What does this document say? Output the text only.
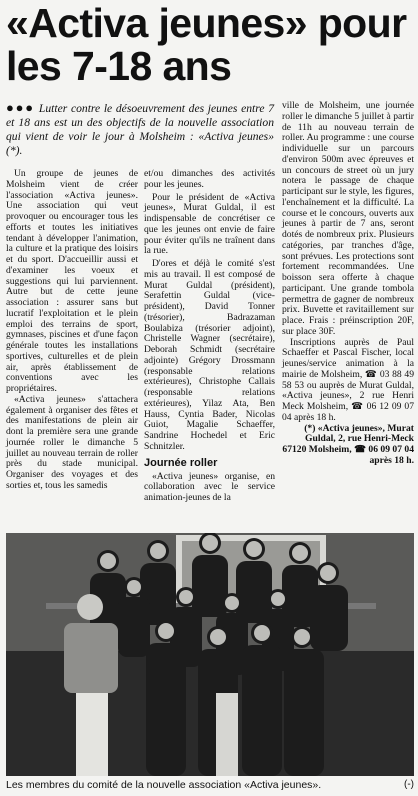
«Activa jeunes» pour les 7-18 ans
●●● Lutter contre le désoeuvrement des jeunes entre 7 et 18 ans est un des objectifs de la nouvelle association qui vient de voir le jour à Molsheim : «Activa jeunes» (*).

Un groupe de jeunes de Molsheim vient de créer l'association «Activa jeunes». Une association qui veut provoquer ou encourager tous les efforts et toutes les initiatives tendant à développer l'animation, la culture et la pratique des loisirs et du sport. D'accueillir aussi et d'examiner les voeux et suggestions qui lui parviennent. Autre but de cette jeune association : assurer sans but lucratif l'exploitation et le plein emploi des terrains de sport, gymnases, piscines et d'une façon générale toutes les installations sportives, culturelles et de plein air, après établissement de conventions avec les propriétaires.

«Activa jeunes» s'attachera également à organiser des fêtes et des manifestations de plein air dont la première sera une grande journée roller le dimanche 5 juillet au nouveau terrain de roller près du stade municipal. Organiser des voyages et des sorties et, tous les samedis

et/ou dimanches des activités pour les jeunes.

Pour le président de «Activa jeunes», Murat Guldal, il est indispensable de concrétiser ce que les jeunes ont envie de faire pour éviter qu'ils ne traînent dans la rue.

D'ores et déjà le comité s'est mis au travail. Il est composé de Murat Guldal (président), Serafettin Guldal (vice-président), David Tonner (trésorier), Badrazaman Boulabiza (trésorier adjoint), Christelle Wagner (secrétaire), Deborah Schmidt (secrétaire adjointe) Grégory Drossmann (responsable relations extérieures), Christophe Callais (responsable relations extérieures), Yilaz Ata, Ben Hauss, Cyntia Bader, Nicolas Guiot, Magalie Schaeffer, Sandrine Hochedel et Eric Schnitzler.

Journée roller

«Activa jeunes» organise, en collaboration avec le service animation-jeunes de la

ville de Molsheim, une journée roller le dimanche 5 juillet à partir de 11h au nouveau terrain de roller. Au programme : une course individuelle sur un parcours d'environ 500m avec épreuves et un concours de street où un jury notera le passage de chaque participant sur le style, les figures, l'enchaînement et la difficulté. La course et le concours, ouverts aux jeunes à partir de 7 ans, seront dotés de nombreux prix. Plusieurs catégories, par tranches d'âge, sont prévues. Les protections sont fortement recommandées. Une boisson sera offerte à chaque participant. Une grande tombola permettra de gagner de nombreux prix. Buvette et ravitaillement sur place. Frais : préinscription 20F, sur place 30F.

Inscriptions auprès de Paul Schaeffer et Pascal Fischer, local jeunes/service animation à la mairie de Molsheim, ☎ 03 88 49 58 53 ou auprès de Murat Guldal, «Activa jeunes», 2 rue Henri Meck Molsheim, ☎ 06 12 09 07 04 après 18 h.

(*) «Activa jeunes», Murat Guldal, 2, rue Henri-Meck 67120 Molsheim, ☎ 06 09 07 04 après 18 h.

Les membres du comité de la nouvelle association «Activa jeunes».	(-)
